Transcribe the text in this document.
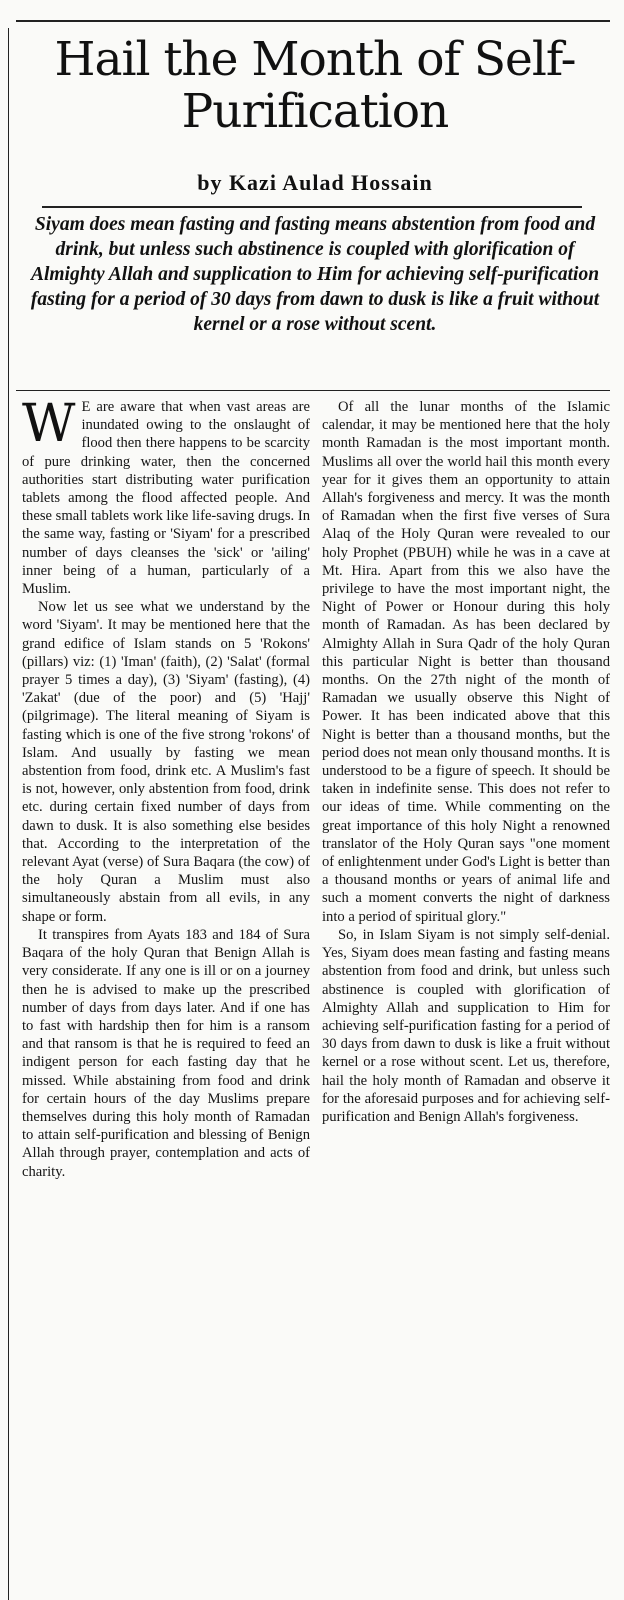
Hail the Month of Self-Purification
by Kazi Aulad Hossain

Siyam does mean fasting and fasting means abstention from food and drink, but unless such abstinence is coupled with glorification of Almighty Allah and supplication to Him for achieving self-purification fasting for a period of 30 days from dawn to dusk is like a fruit without kernel or a rose without scent.

W E are aware that when vast areas are inundated owing to the onslaught of flood then there happens to be scarcity of pure drinking water, then the concerned authorities start distributing water purification tablets among the flood affected people. And these small tablets work like life-saving drugs. In the same way, fasting or 'Siyam' for a prescribed number of days cleanses the 'sick' or 'ailing' inner being of a human, particularly of a Muslim.

Now let us see what we understand by the word 'Siyam'. It may be mentioned here that the grand edifice of Islam stands on 5 'Rokons' (pillars) viz: (1) 'Iman' (faith), (2) 'Salat' (formal prayer 5 times a day), (3) 'Siyam' (fasting), (4) 'Zakat' (due of the poor) and (5) 'Hajj' (pilgrimage). The literal meaning of Siyam is fasting which is one of the five strong 'rokons' of Islam. And usually by fasting we mean abstention from food, drink etc. A Muslim's fast is not, however, only abstention from food, drink etc. during certain fixed number of days from dawn to dusk. It is also something else besides that. According to the interpretation of the relevant Ayat (verse) of Sura Baqara (the cow) of the holy Quran a Muslim must also simultaneously abstain from all evils, in any shape or form.

It transpires from Ayats 183 and 184 of Sura Baqara of the holy Quran that Benign Allah is very considerate. If any one is ill or on a journey then he is advised to make up the prescribed number of days from days later. And if one has to fast with hardship then for him is a ransom and that ransom is that he is required to feed an indigent person for each fasting day that he missed. While abstaining from food and drink for certain hours of the day Muslims prepare themselves during this holy month of Ramadan to attain self-purification and blessing of Benign Allah through prayer, contemplation and acts of charity.

Of all the lunar months of the Islamic calendar, it may be mentioned here that the holy month Ramadan is the most important month. Muslims all over the world hail this month every year for it gives them an opportunity to attain Allah's forgiveness and mercy. It was the month of Ramadan when the first five verses of Sura Alaq of the Holy Quran were revealed to our holy Prophet (PBUH) while he was in a cave at Mt. Hira. Apart from this we also have the privilege to have the most important night, the Night of Power or Honour during this holy month of Ramadan. As has been declared by Almighty Allah in Sura Qadr of the holy Quran this particular Night is better than thousand months. On the 27th night of the month of Ramadan we usually observe this Night of Power. It has been indicated above that this Night is better than a thousand months, but the period does not mean only thousand months. It is understood to be a figure of speech. It should be taken in indefinite sense. This does not refer to our ideas of time. While commenting on the great importance of this holy Night a renowned translator of the Holy Quran says "one moment of enlightenment under God's Light is better than a thousand months or years of animal life and such a moment converts the night of darkness into a period of spiritual glory."

So, in Islam Siyam is not simply self-denial. Yes, Siyam does mean fasting and fasting means abstention from food and drink, but unless such abstinence is coupled with glorification of Almighty Allah and supplication to Him for achieving self-purification fasting for a period of 30 days from dawn to dusk is like a fruit without kernel or a rose without scent. Let us, therefore, hail the holy month of Ramadan and observe it for the aforesaid purposes and for achieving self-purification and Benign Allah's forgiveness.
